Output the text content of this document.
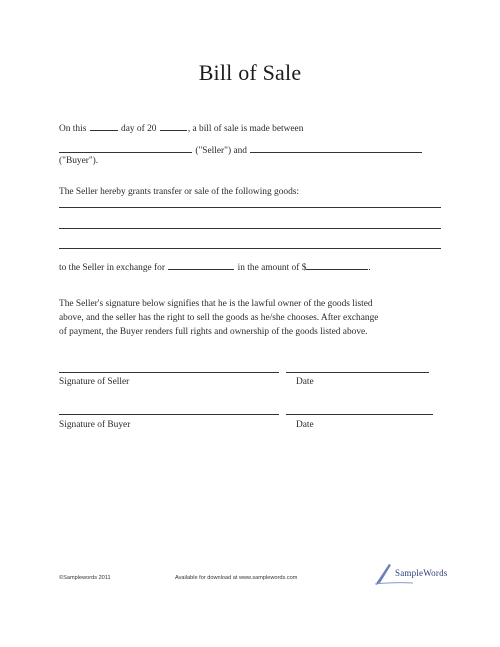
Bill of Sale
On this	day of 20	, a bill of sale is made between
("Seller") and
("Buyer").
The Seller hereby grants transfer or sale of the following goods:
to the Seller in exchange for	in the amount of $	.
The Seller's signature below signifies that he is the lawful owner of the goods listed
above, and the seller has the right to sell the goods as he/she chooses. After exchange
of payment, the Buyer renders full rights and ownership of the goods listed above.
Signature of Seller	Date
Signature of Buyer	Date
©Samplewords 2011	Available for download at www.samplewords.com	SampleWords
